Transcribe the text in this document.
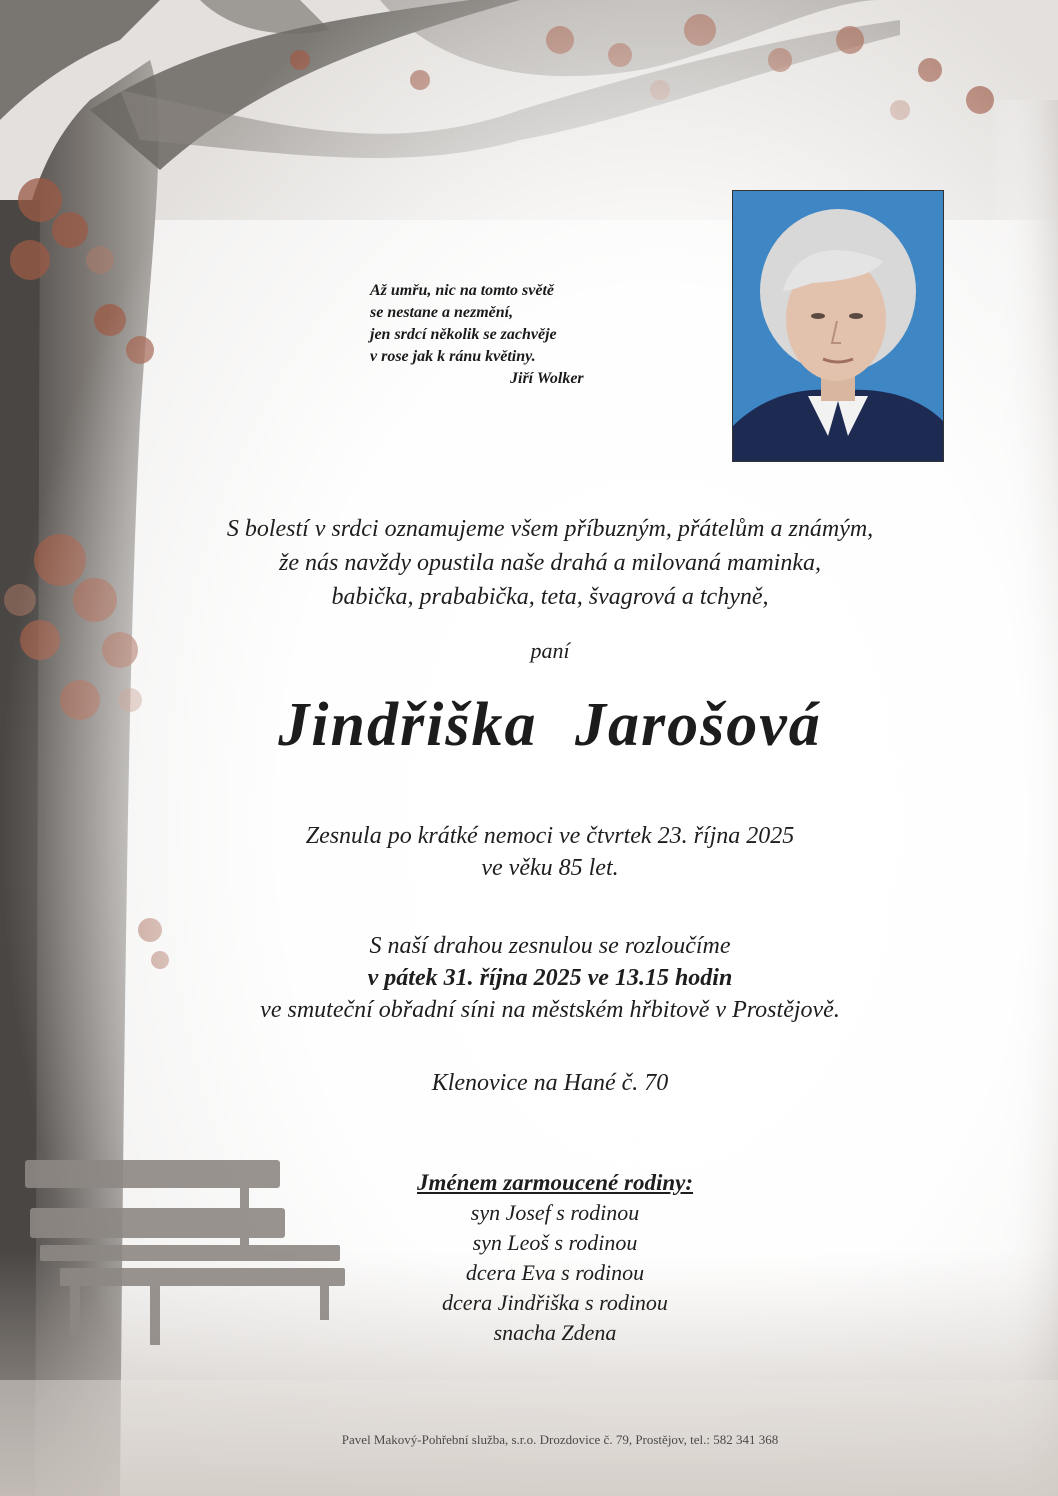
Až umřu, nic na tomto světě
se nestane a nezmění,
jen srdcí několik se zachvěje
v rose jak k ránu květiny.
Jiří Wolker
S bolestí v srdci oznamujeme všem příbuzným, přátelům a známým,
že nás navždy opustila naše drahá a milovaná maminka,
babička, prababička, teta, švagrová a tchyně,
paní
Jindřiška Jarošová
Zesnula po krátké nemoci ve čtvrtek 23. října 2025
ve věku 85 let.
S naší drahou zesnulou se rozloučíme
v pátek 31. října 2025 ve 13.15 hodin
ve smuteční obřadní síni na městském hřbitově v Prostějově.
Klenovice na Hané č. 70
Jménem zarmoucené rodiny:
syn Josef s rodinou
syn Leoš s rodinou
dcera Eva s rodinou
dcera Jindřiška s rodinou
snacha Zdena
Pavel Makový-Pohřební služba, s.r.o. Drozdovice č. 79, Prostějov, tel.: 582 341 368
